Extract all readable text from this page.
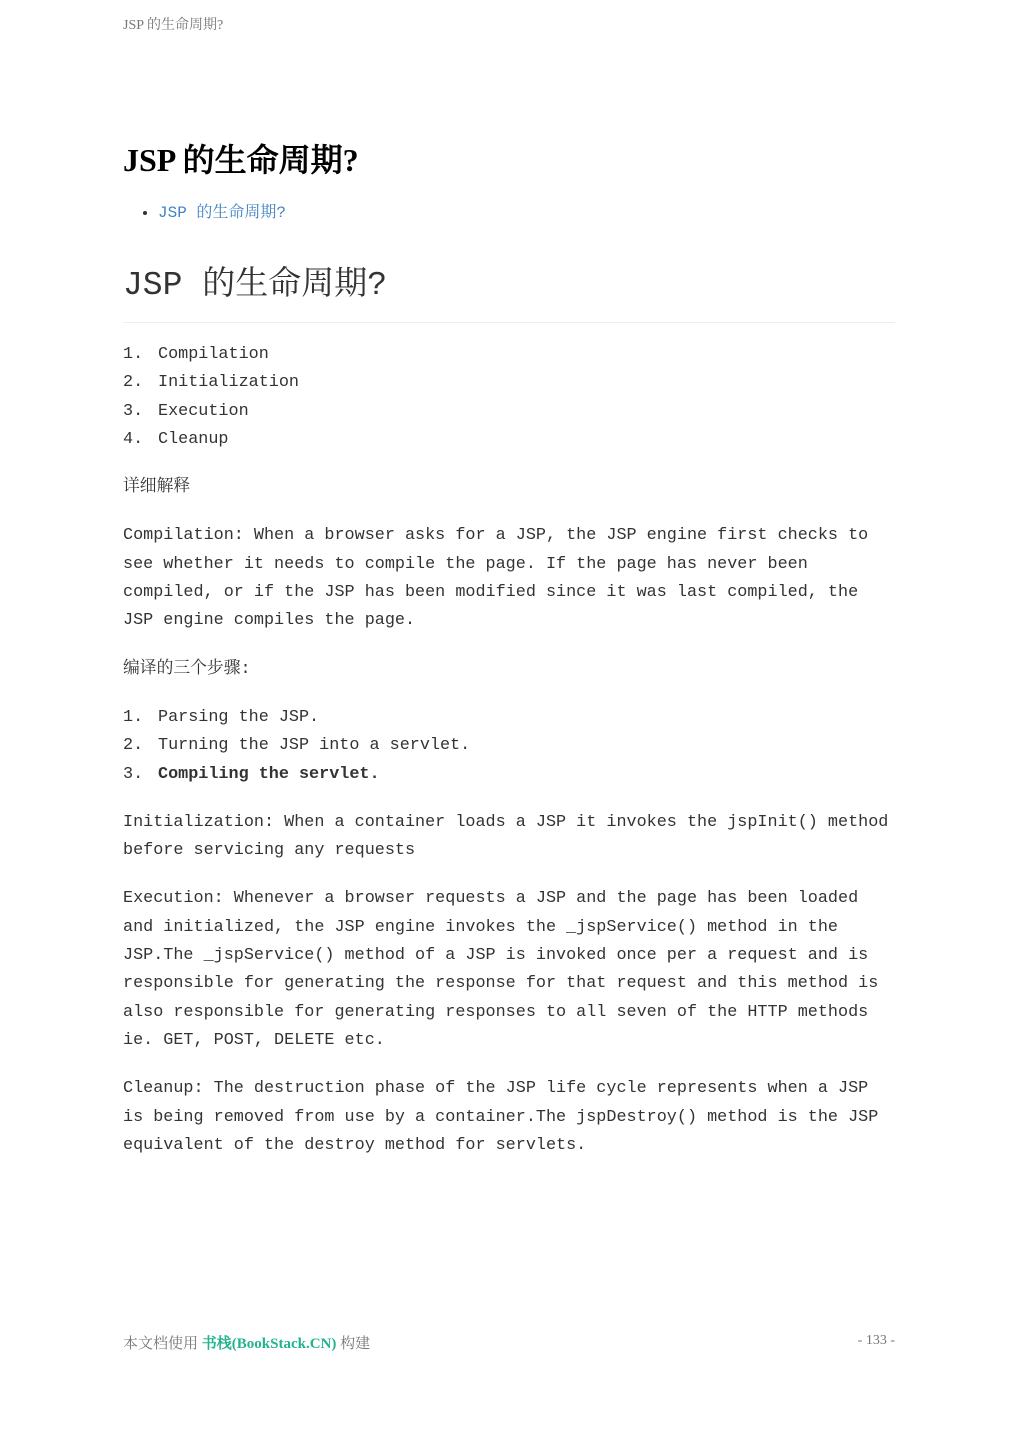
JSP 的生命周期?
JSP 的生命周期?
• JSP 的生命周期?
JSP 的生命周期?
1. Compilation
2. Initialization
3. Execution
4. Cleanup

详细解释

Compilation: When a browser asks for a JSP, the JSP engine first checks to see whether it needs to compile the page. If the page has never been compiled, or if the JSP has been modified since it was last compiled, the JSP engine compiles the page.

编译的三个步骤:

1. Parsing the JSP.
2. Turning the JSP into a servlet.
3. Compiling the servlet.

Initialization: When a container loads a JSP it invokes the jspInit() method before servicing any requests

Execution: Whenever a browser requests a JSP and the page has been loaded and initialized, the JSP engine invokes the _jspService() method in the JSP.The _jspService() method of a JSP is invoked once per a request and is responsible for generating the response for that request and this method is also responsible for generating responses to all seven of the HTTP methods ie. GET, POST, DELETE etc.

Cleanup: The destruction phase of the JSP life cycle represents when a JSP is being removed from use by a container.The jspDestroy() method is the JSP equivalent of the destroy method for servlets.

本文档使用 书栈(BookStack.CN) 构建	- 133 -
